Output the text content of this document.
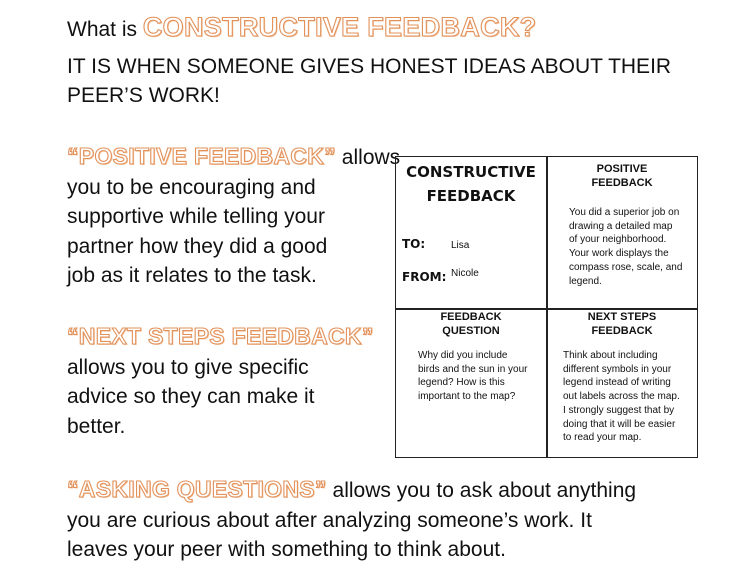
What is CONSTRUCTIVE FEEDBACK?
IT IS WHEN SOMEONE GIVES HONEST IDEAS ABOUT THEIR
PEER’S WORK!
“POSITIVE FEEDBACK” allows
you to be encouraging and
supportive while telling your
partner how they did a good
job as it relates to the task.
“NEXT STEPS FEEDBACK”
allows you to give specific
advice so they can make it
better.
“ASKING QUESTIONS” allows you to ask about anything
you are curious about after analyzing someone’s work. It
leaves your peer with something to think about.
CONSTRUCTIVE
FEEDBACK
TO:	Lisa
FROM: Nicole
POSITIVE
FEEDBACK
You did a superior job on
drawing a detailed map
of your neighborhood.
Your work displays the
compass rose, scale, and
legend.
FEEDBACK
QUESTION
Why did you include
birds and the sun in your
legend? How is this
important to the map?
NEXT STEPS
FEEDBACK
Think about including
different symbols in your
legend instead of writing
out labels across the map.
I strongly suggest that by
doing that it will be easier
to read your map.
